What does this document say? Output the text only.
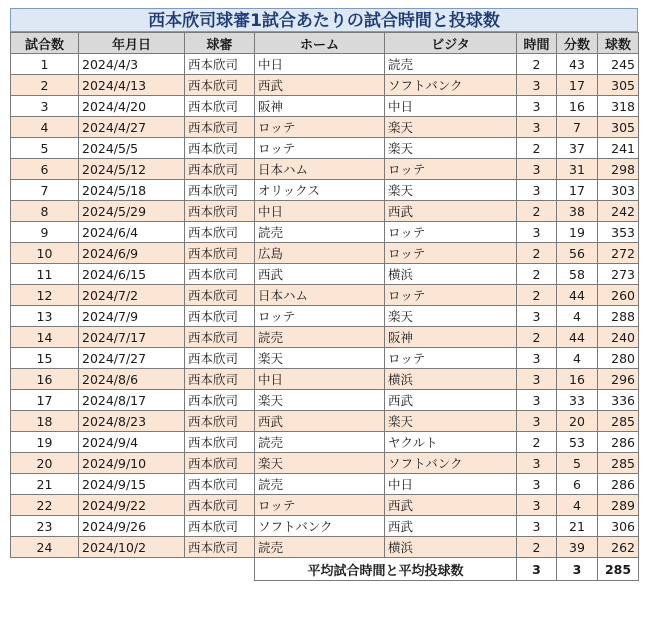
西本欣司球審1試合あたりの試合時間と投球数
試合数	年月日	球審	ホーム	ビジタ	時間	分数	球数
1	2024/4/3	西本欣司	中日	読売	2	43	245
2	2024/4/13	西本欣司	西武	ソフトバンク	3	17	305
3	2024/4/20	西本欣司	阪神	中日	3	16	318
4	2024/4/27	西本欣司	ロッテ	楽天	3	7	305
5	2024/5/5	西本欣司	ロッテ	楽天	2	37	241
6	2024/5/12	西本欣司	日本ハム	ロッテ	3	31	298
7	2024/5/18	西本欣司	オリックス	楽天	3	17	303
8	2024/5/29	西本欣司	中日	西武	2	38	242
9	2024/6/4	西本欣司	読売	ロッテ	3	19	353
10	2024/6/9	西本欣司	広島	ロッテ	2	56	272
11	2024/6/15	西本欣司	西武	横浜	2	58	273
12	2024/7/2	西本欣司	日本ハム	ロッテ	2	44	260
13	2024/7/9	西本欣司	ロッテ	楽天	3	4	288
14	2024/7/17	西本欣司	読売	阪神	2	44	240
15	2024/7/27	西本欣司	楽天	ロッテ	3	4	280
16	2024/8/6	西本欣司	中日	横浜	3	16	296
17	2024/8/17	西本欣司	楽天	西武	3	33	336
18	2024/8/23	西本欣司	西武	楽天	3	20	285
19	2024/9/4	西本欣司	読売	ヤクルト	2	53	286
20	2024/9/10	西本欣司	楽天	ソフトバンク	3	5	285
21	2024/9/15	西本欣司	読売	中日	3	6	286
22	2024/9/22	西本欣司	ロッテ	西武	3	4	289
23	2024/9/26	西本欣司	ソフトバンク	西武	3	21	306
24	2024/10/2	西本欣司	読売	横浜	2	39	262
			平均試合時間と平均投球数		3	3	285
